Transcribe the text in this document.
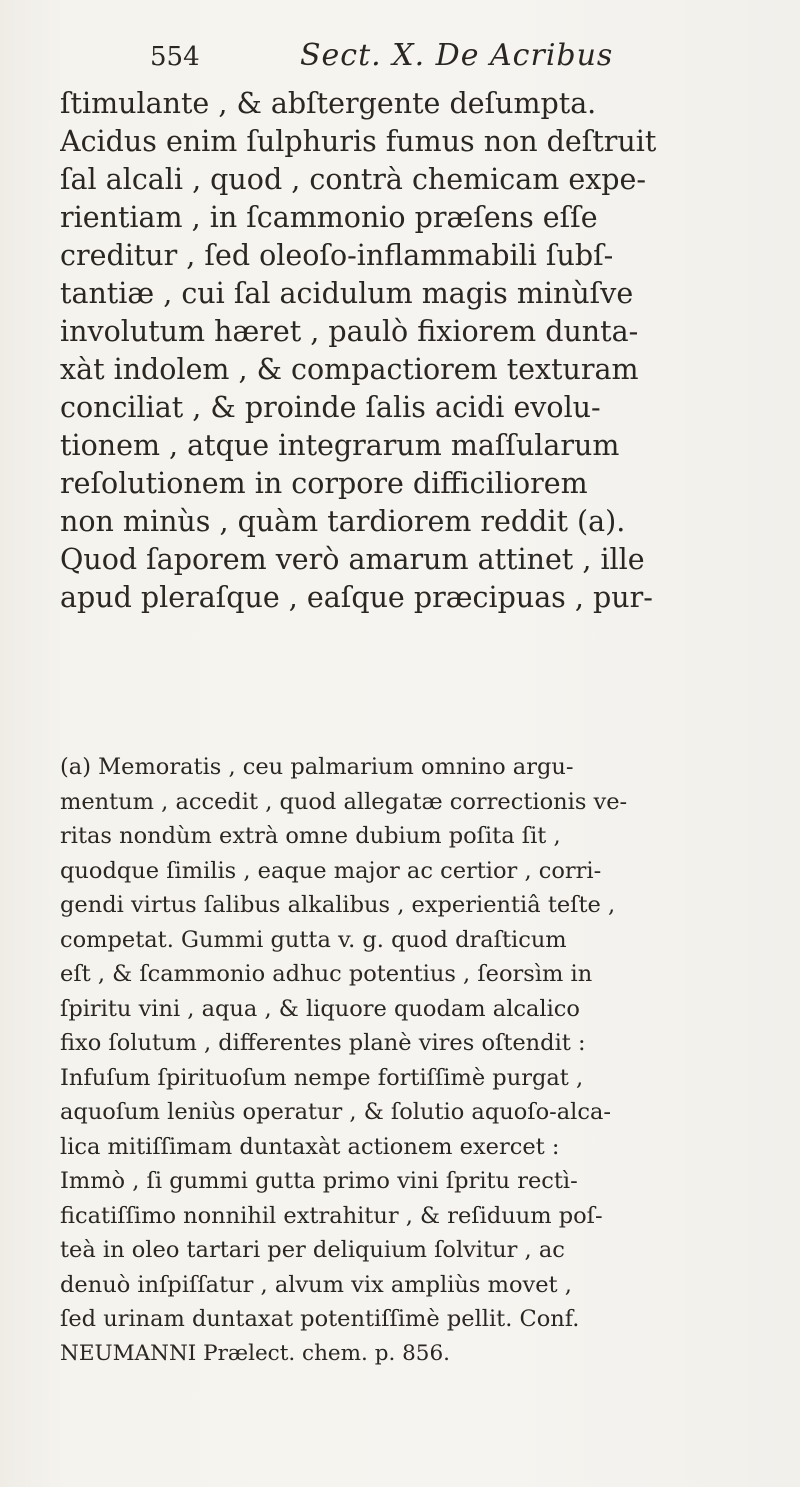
554	Sect. X. De Acribus
ſtimulante , & abſtergente deſumpta.
Acidus enim ſulphuris fumus non deſtruit
ſal alcali , quod , contrà chemicam expe-
rientiam , in ſcammonio præſens eſſe
creditur , ſed oleoſo-inflammabili ſubſ-
tantiæ , cui ſal acidulum magis minùſve
involutum hæret , paulò fixiorem dunta-
xàt indolem , & compactiorem texturam
conciliat , & proinde ſalis acidi evolu-
tionem , atque integrarum maſſularum
reſolutionem in corpore difficiliorem
non minùs , quàm tardiorem reddit (a).
Quod ſaporem verò amarum attinet , ille
apud pleraſque , eaſque præcipuas , pur-
(a) Memoratis , ceu palmarium omnino argu-
mentum , accedit , quod allegatæ correctionis ve-
ritas nondùm extrà omne dubium poſita ſit ,
quodque ſimilis , eaque major ac certior , corri-
gendi virtus ſalibus alkalibus , experientiâ teſte ,
competat. Gummi gutta v. g. quod draſticum
eſt , & ſcammonio adhuc potentius , ſeorsìm in
ſpiritu vini , aqua , & liquore quodam alcalico
fixo ſolutum , differentes planè vires oſtendit :
Infuſum ſpirituoſum nempe fortiſſimè purgat ,
aquoſum leniùs operatur , & ſolutio aquoſo-alca-
lica mitiſſimam duntaxàt actionem exercet :
Immò , ſi gummi gutta primo vini ſpritu rectì-
ficatiſſimo nonnihil extrahitur , & reſiduum poſ-
teà in oleo tartari per deliquium ſolvitur , ac
denuò inſpiſſatur , alvum vix ampliùs movet ,
ſed urinam duntaxat potentiſſimè pellit. Conf.
NEUMANNI Prælect. chem. p. 856.
